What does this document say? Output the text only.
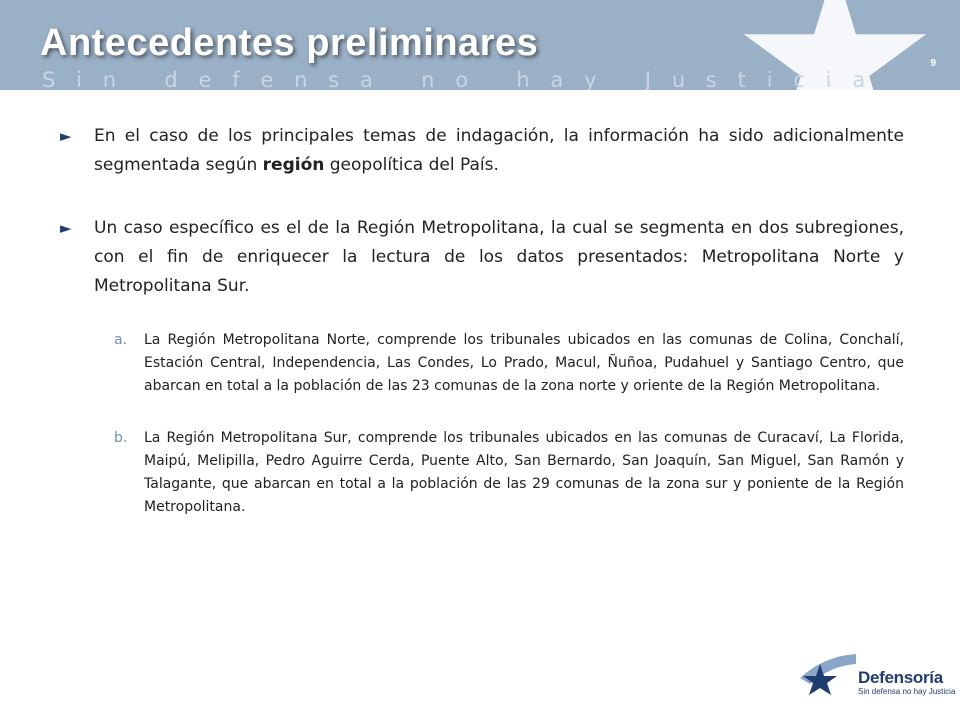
Antecedentes preliminares
Sin defensa no hay Justicia
9
► En el caso de los principales temas de indagación, la información ha sido adicionalmente segmentada según región geopolítica del País.
► Un caso específico es el de la Región Metropolitana, la cual se segmenta en dos subregiones, con el fin de enriquecer la lectura de los datos presentados: Metropolitana Norte y Metropolitana Sur.
a. La Región Metropolitana Norte, comprende los tribunales ubicados en las comunas de Colina, Conchalí, Estación Central, Independencia, Las Condes, Lo Prado, Macul, Ñuñoa, Pudahuel y Santiago Centro, que abarcan en total a la población de las 23 comunas de la zona norte y oriente de la Región Metropolitana.
b. La Región Metropolitana Sur, comprende los tribunales ubicados en las comunas de Curacaví, La Florida, Maipú, Melipilla, Pedro Aguirre Cerda, Puente Alto, San Bernardo, San Joaquín, San Miguel, San Ramón y Talagante, que abarcan en total a la población de las 29 comunas de la zona sur y poniente de la Región Metropolitana.
Defensoría
Sin defensa no hay Justicia
